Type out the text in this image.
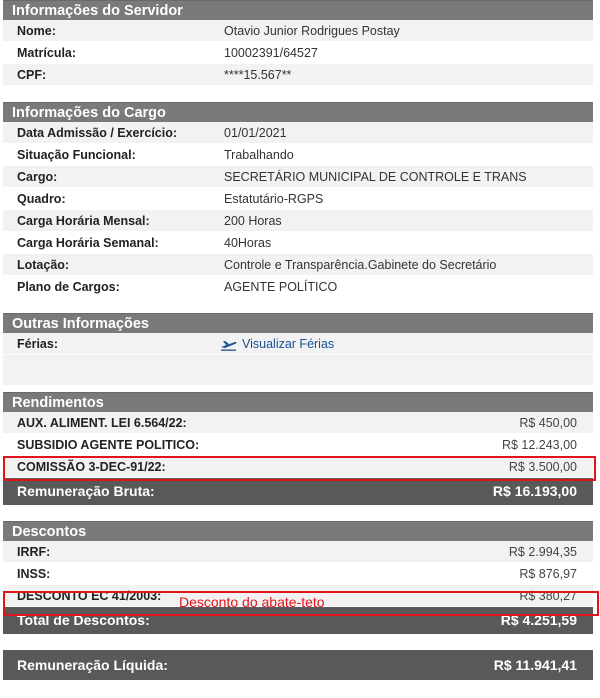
Informações do Servidor
Nome:	Otavio Junior Rodrigues Postay
Matrícula:	10002391/64527
CPF:	****15.567**
Informações do Cargo
Data Admissão / Exercício:	01/01/2021
Situação Funcional:	Trabalhando
Cargo:	SECRETÁRIO MUNICIPAL DE CONTROLE E TRANS
Quadro:	Estatutário-RGPS
Carga Horária Mensal:	200 Horas
Carga Horária Semanal:	40Horas
Lotação:	Controle e Transparência.Gabinete do Secretário
Plano de Cargos:	AGENTE POLÍTICO
Outras Informações
Férias:	Visualizar Férias
Rendimentos
AUX. ALIMENT. LEI 6.564/22:	R$ 450,00
SUBSIDIO AGENTE POLITICO:	R$ 12.243,00
COMISSÃO 3-DEC-91/22:	R$ 3.500,00
Remuneração Bruta:	R$ 16.193,00
Descontos
IRRF:	R$ 2.994,35
INSS:	R$ 876,97
DESCONTO EC 41/2003:	R$ 380,27
Total de Descontos:	R$ 4.251,59
Remuneração Líquida:	R$ 11.941,41
Desconto do abate-teto
